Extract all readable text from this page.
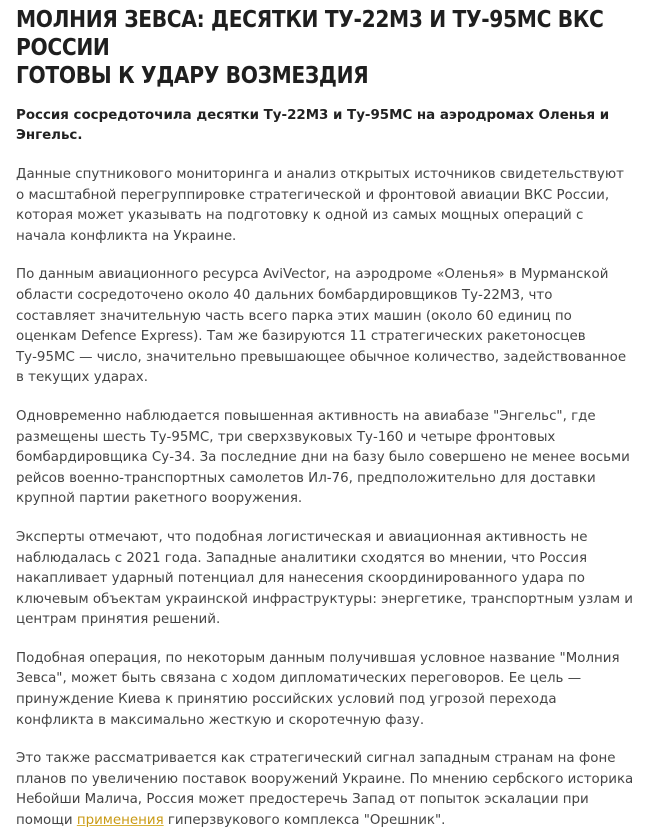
МОЛНИЯ ЗЕВСА: ДЕСЯТКИ ТУ-22М3 И ТУ-95МС ВКС РОССИИ
ГОТОВЫ К УДАРУ ВОЗМЕЗДИЯ

Россия сосредоточила десятки Ту-22М3 и Ту-95МС на аэродромах Оленья и Энгельс.

Данные спутникового мониторинга и анализ открытых источников свидетельствуют о масштабной перегруппировке стратегической и фронтовой авиации ВКС России, которая может указывать на подготовку к одной из самых мощных операций с начала конфликта на Украине.

По данным авиационного ресурса AviVector, на аэродроме «Оленья» в Мурманской области сосредоточено около 40 дальних бомбардировщиков Ту-22М3, что составляет значительную часть всего парка этих машин (около 60 единиц по оценкам Defence Express). Там же базируются 11 стратегических ракетоносцев Ту-95МС — число, значительно превышающее обычное количество, задействованное в текущих ударах.

Одновременно наблюдается повышенная активность на авиабазе "Энгельс", где размещены шесть Ту-95МС, три сверхзвуковых Ту-160 и четыре фронтовых бомбардировщика Су-34. За последние дни на базу было совершено не менее восьми рейсов военно-транспортных самолетов Ил-76, предположительно для доставки крупной партии ракетного вооружения.

Эксперты отмечают, что подобная логистическая и авиационная активность не наблюдалась с 2021 года. Западные аналитики сходятся во мнении, что Россия накапливает ударный потенциал для нанесения скоординированного удара по ключевым объектам украинской инфраструктуры: энергетике, транспортным узлам и центрам принятия решений.

Подобная операция, по некоторым данным получившая условное название "Молния Зевса", может быть связана с ходом дипломатических переговоров. Ее цель — принуждение Киева к принятию российских условий под угрозой перехода конфликта в максимально жесткую и скоротечную фазу.

Это также рассматривается как стратегический сигнал западным странам на фоне планов по увеличению поставок вооружений Украине. По мнению сербского историка Небойши Малича, Россия может предостеречь Запад от попыток эскалации при помощи применения гиперзвукового комплекса "Орешник".
